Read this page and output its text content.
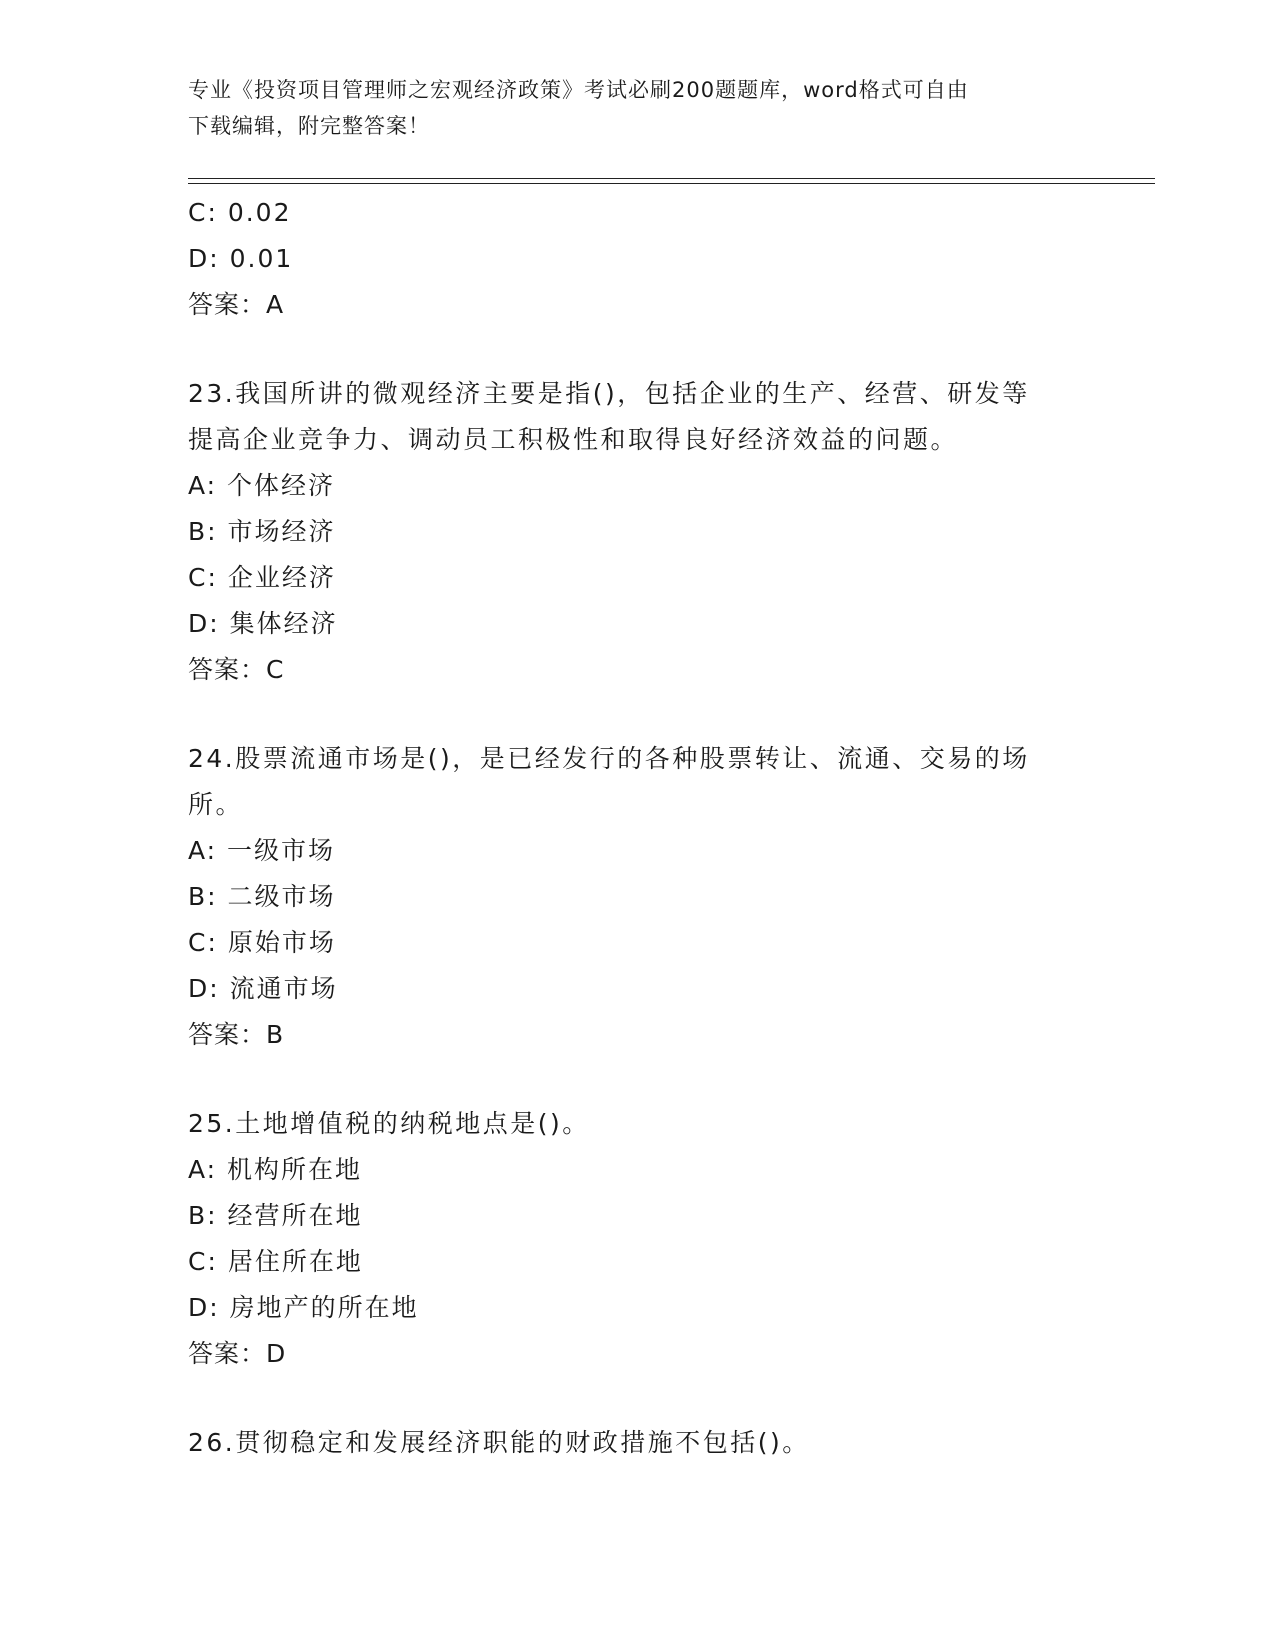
专业《投资项目管理师之宏观经济政策》考试必刷200题题库，word格式可自由
下载编辑，附完整答案！
C: 0.02
D: 0.01
答案：A
23.我国所讲的微观经济主要是指()，包括企业的生产、经营、研发等
提高企业竞争力、调动员工积极性和取得良好经济效益的问题。
A: 个体经济
B: 市场经济
C: 企业经济
D: 集体经济
答案：C
24.股票流通市场是()，是已经发行的各种股票转让、流通、交易的场
所。
A: 一级市场
B: 二级市场
C: 原始市场
D: 流通市场
答案：B
25.土地增值税的纳税地点是()。
A: 机构所在地
B: 经营所在地
C: 居住所在地
D: 房地产的所在地
答案：D
26.贯彻稳定和发展经济职能的财政措施不包括()。
